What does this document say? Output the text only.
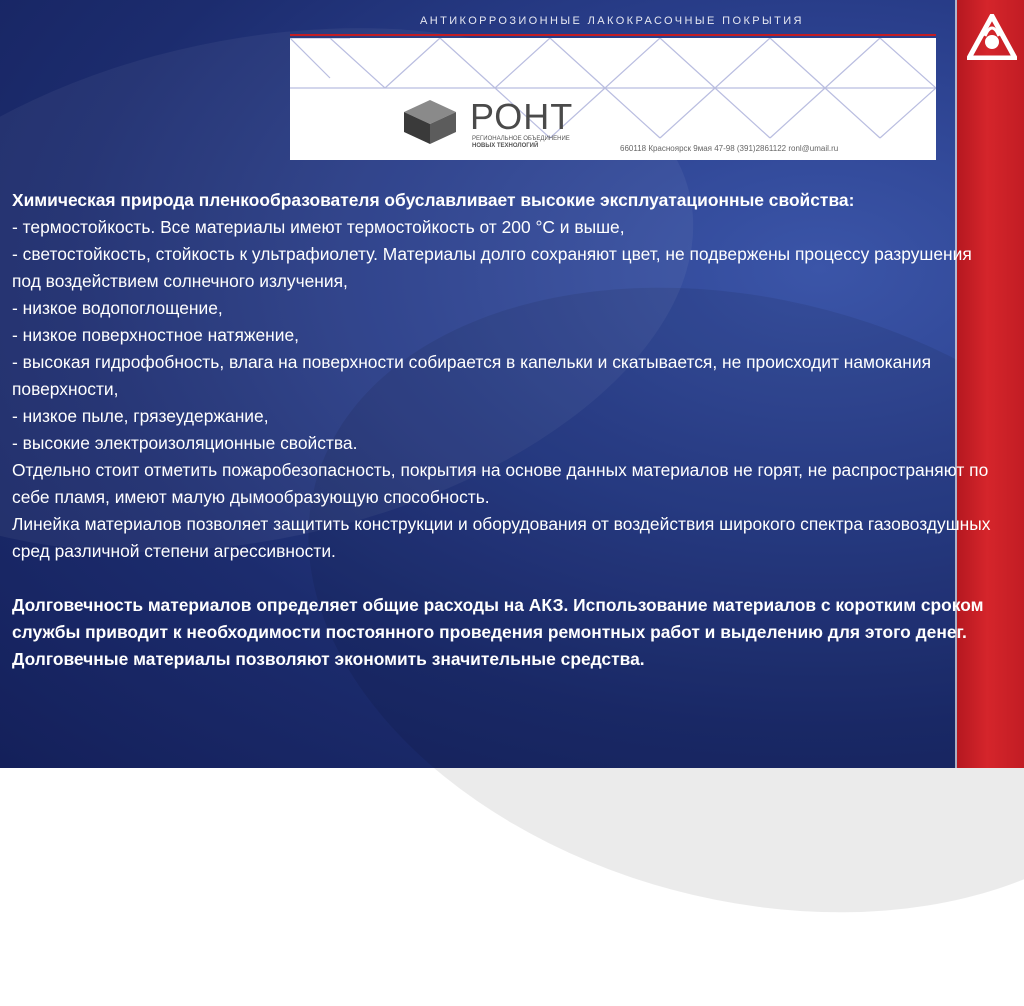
АНТИКОРРОЗИОННЫЕ ЛАКОКРАСОЧНЫЕ ПОКРЫТИЯ
РОНТ
РЕГИОНАЛЬНОЕ ОБЪЕДИНЕНИЕ
НОВЫХ ТЕХНОЛОГИЙ	660118 Красноярск 9мая 47-98 (391)2861122 ronl@umail.ru

Химическая природа пленкообразователя обуславливает высокие эксплуатационные свойства:

- термостойкость. Все материалы имеют термостойкость от 200 °C и выше,

- светостойкость, стойкость к ультрафиолету. Материалы долго сохраняют цвет, не подвержены процессу разрушения под воздействием солнечного излучения,

- низкое водопоглощение,

- низкое поверхностное натяжение,

- высокая гидрофобность, влага на поверхности собирается в капельки и скатывается, не происходит намокания поверхности,

- низкое пыле, грязеудержание,

- высокие электроизоляционные свойства.

Отдельно стоит отметить пожаробезопасность, покрытия на основе данных материалов не горят, не распространяют по себе пламя, имеют малую дымообразующую способность.

Линейка материалов позволяет защитить конструкции и оборудования от воздействия широкого спектра газовоздушных сред различной степени агрессивности.

Долговечность материалов определяет общие расходы на АКЗ. Использование материалов с коротким сроком службы приводит к необходимости постоянного проведения ремонтных работ и выделению для этого денег. Долговечные материалы позволяют экономить значительные средства.
